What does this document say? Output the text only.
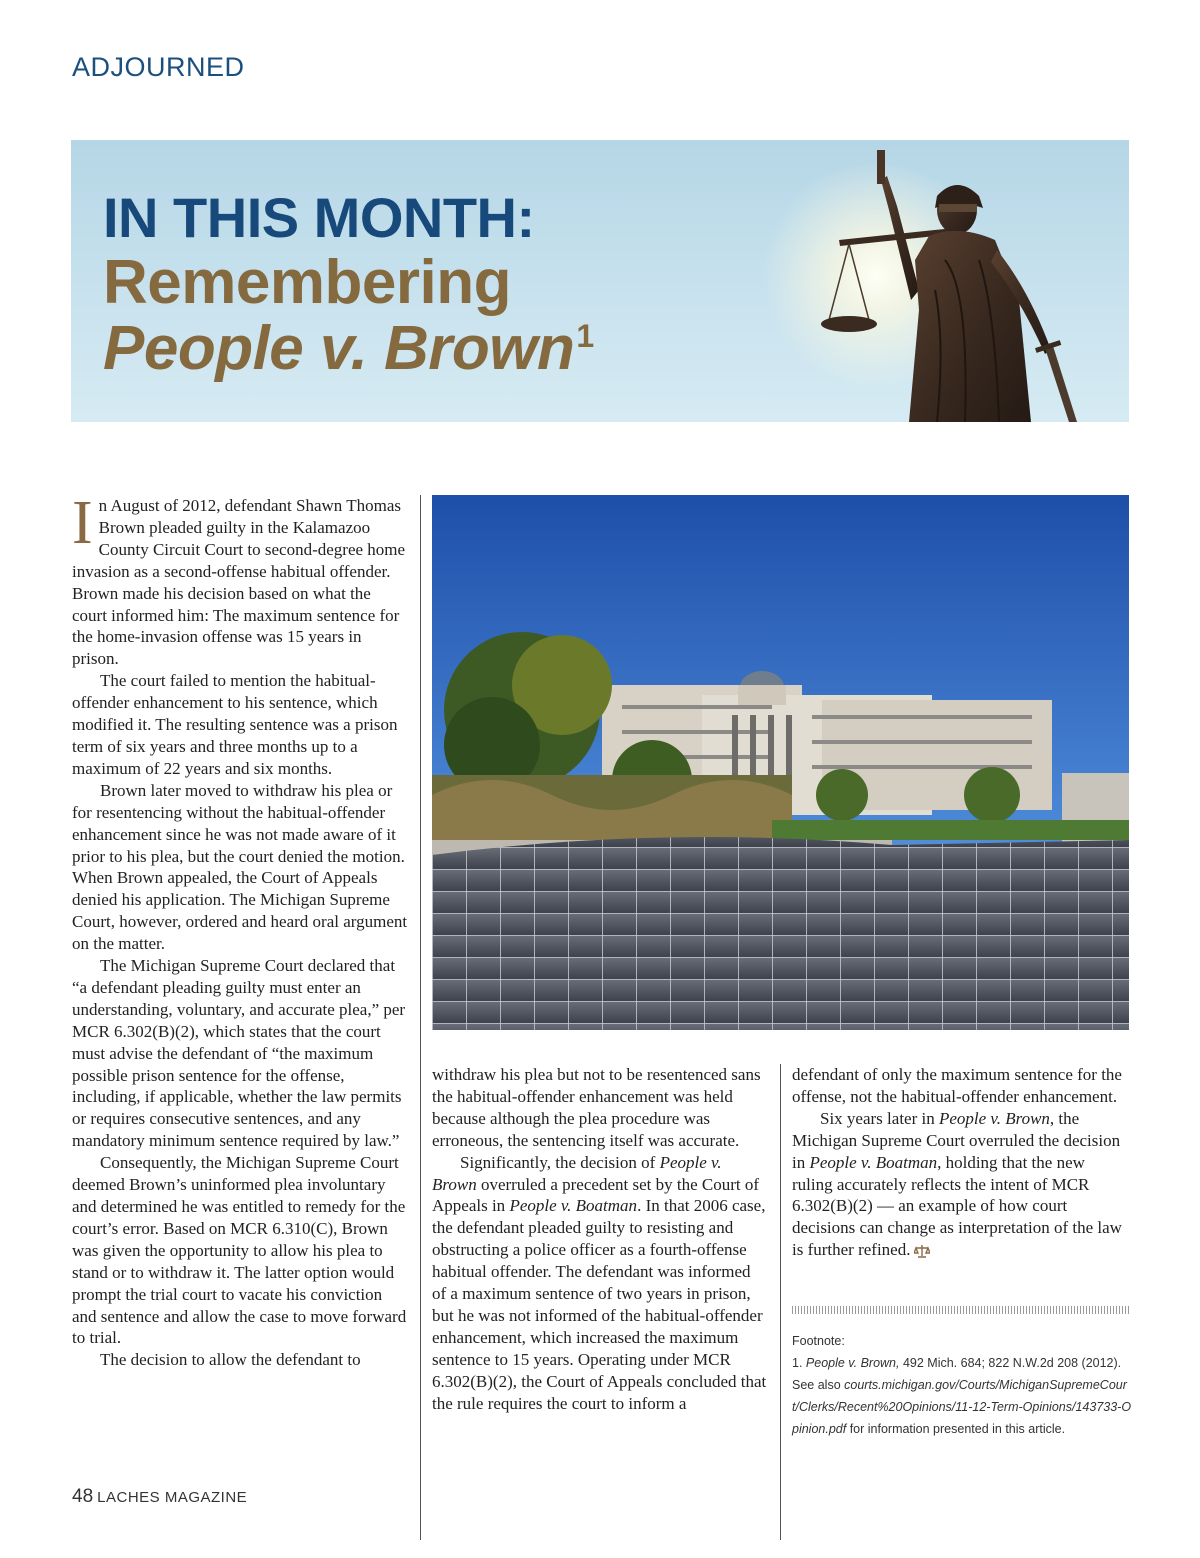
ADJOURNED
IN THIS MONTH:
Remembering
People v. Brown$^1$

In August of 2012, defendant Shawn Thomas Brown pleaded guilty in the Kalamazoo County Circuit Court to second-degree home invasion as a second-offense habitual offender. Brown made his decision based on what the court informed him: The maximum sentence for the home-invasion offense was 15 years in prison.

The court failed to mention the habitual-offender enhancement to his sentence, which modified it. The resulting sentence was a prison term of six years and three months up to a maximum of 22 years and six months.

Brown later moved to withdraw his plea or for resentencing without the habitual-offender enhancement since he was not made aware of it prior to his plea, but the court denied the motion. When Brown appealed, the Court of Appeals denied his application. The Michigan Supreme Court, however, ordered and heard oral argument on the matter.

The Michigan Supreme Court declared that “a defendant pleading guilty must enter an understanding, voluntary, and accurate plea,” per MCR 6.302(B)(2), which states that the court must advise the defendant of “the maximum possible prison sentence for the offense, including, if applicable, whether the law permits or requires consecutive sentences, and any mandatory minimum sentence required by law.”

Consequently, the Michigan Supreme Court deemed Brown’s uninformed plea involuntary and determined he was entitled to remedy for the court’s error. Based on MCR 6.310(C), Brown was given the opportunity to allow his plea to stand or to withdraw it. The latter option would prompt the trial court to vacate his conviction and sentence and allow the case to move forward to trial.

The decision to allow the defendant to

withdraw his plea but not to be resentenced sans the habitual-offender enhancement was held because although the plea procedure was erroneous, the sentencing itself was accurate.

Significantly, the decision of People v. Brown overruled a precedent set by the Court of Appeals in People v. Boatman. In that 2006 case, the defendant pleaded guilty to resisting and obstructing a police officer as a fourth-offense habitual offender. The defendant was informed of a maximum sentence of two years in prison, but he was not informed of the habitual-offender enhancement, which increased the maximum sentence to 15 years. Operating under MCR 6.302(B)(2), the Court of Appeals concluded that the rule requires the court to inform a

defendant of only the maximum sentence for the offense, not the habitual-offender enhancement.

Six years later in People v. Brown, the Michigan Supreme Court overruled the decision in People v. Boatman, holding that the new ruling accurately reflects the intent of MCR 6.302(B)(2) — an example of how court decisions can change as interpretation of the law is further refined.

Footnote:

1. People v. Brown, 492 Mich. 684; 822 N.W.2d 208 (2012). See also courts.michigan.gov/Courts/MichiganSupremeCourt/Clerks/Recent%20Opinions/11-12-Term-Opinions/143733-Opinion.pdf for information presented in this article.

48 LACHES MAGAZINE
